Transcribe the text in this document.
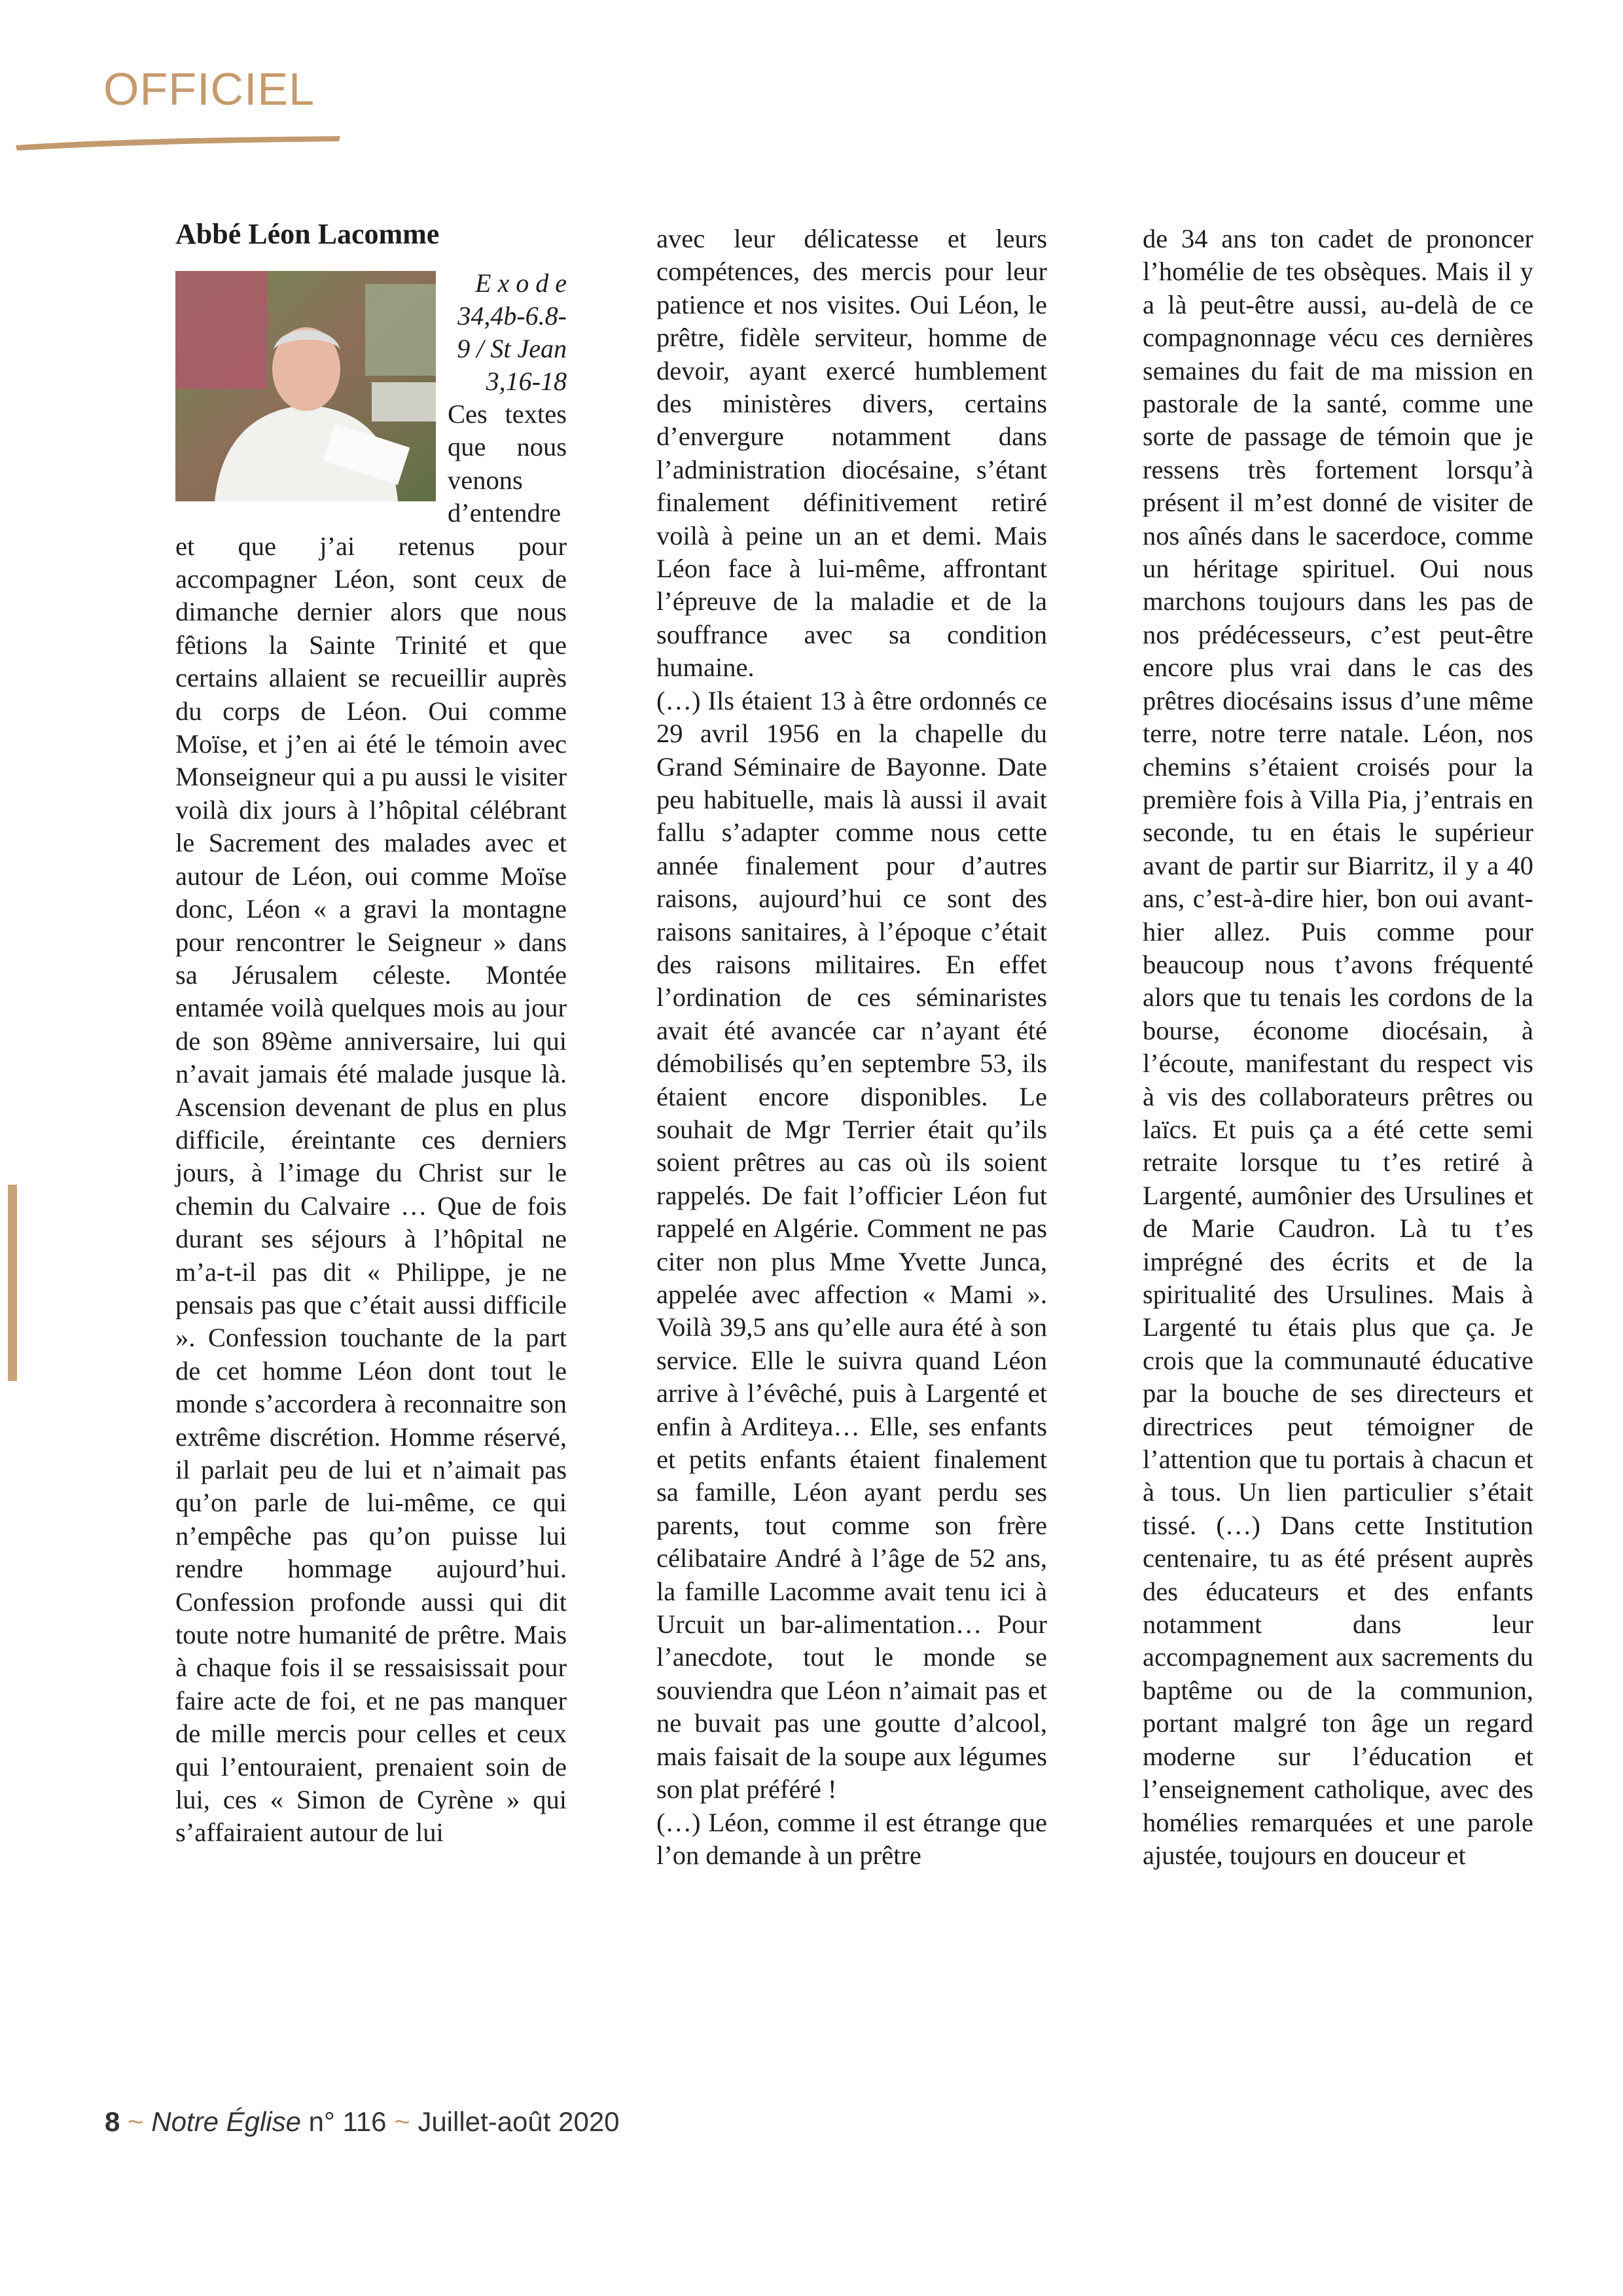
OFFICIEL
Abbé Léon Lacomme

E x o d e 34,4b-6.8-9 / St Jean 3,16-18

Ces textes que nous venons d’entendre et que j’ai retenus pour accompagner Léon, sont ceux de dimanche dernier alors que nous fêtions la Sainte Trinité et que certains allaient se recueillir auprès du corps de Léon. Oui comme Moïse, et j’en ai été le témoin avec Monseigneur qui a pu aussi le visiter voilà dix jours à l’hôpital célébrant le Sacrement des malades avec et autour de Léon, oui comme Moïse donc, Léon « a gravi la montagne pour rencontrer le Seigneur » dans sa Jérusalem céleste. Montée entamée voilà quelques mois au jour de son 89ème anniversaire, lui qui n’avait jamais été malade jusque là. Ascension devenant de plus en plus difficile, éreintante ces derniers jours, à l’image du Christ sur le chemin du Calvaire … Que de fois durant ses séjours à l’hôpital ne m’a-t-il pas dit « Philippe, je ne pensais pas que c’était aussi difficile ». Confession touchante de la part de cet homme Léon dont tout le monde s’accordera à reconnaitre son extrême discrétion. Homme réservé, il parlait peu de lui et n’aimait pas qu’on parle de lui-même, ce qui n’empêche pas qu’on puisse lui rendre hommage aujourd’hui. Confession profonde aussi qui dit toute notre humanité de prêtre. Mais à chaque fois il se ressaisissait pour faire acte de foi, et ne pas manquer de mille mercis pour celles et ceux qui l’entouraient, prenaient soin de lui, ces « Simon de Cyrène » qui s’affairaient autour de lui

avec leur délicatesse et leurs compétences, des mercis pour leur patience et nos visites. Oui Léon, le prêtre, fidèle serviteur, homme de devoir, ayant exercé humblement des ministères divers, certains d’envergure notamment dans l’administration diocésaine, s’étant finalement définitivement retiré voilà à peine un an et demi. Mais Léon face à lui-même, affrontant l’épreuve de la maladie et de la souffrance avec sa condition humaine.

(…) Ils étaient 13 à être ordonnés ce 29 avril 1956 en la chapelle du Grand Séminaire de Bayonne. Date peu habituelle, mais là aussi il avait fallu s’adapter comme nous cette année finalement pour d’autres raisons, aujourd’hui ce sont des raisons sanitaires, à l’époque c’était des raisons militaires. En effet l’ordination de ces séminaristes avait été avancée car n’ayant été démobilisés qu’en septembre 53, ils étaient encore disponibles. Le souhait de Mgr Terrier était qu’ils soient prêtres au cas où ils soient rappelés. De fait l’officier Léon fut rappelé en Algérie. Comment ne pas citer non plus Mme Yvette Junca, appelée avec affection « Mami ». Voilà 39,5 ans qu’elle aura été à son service. Elle le suivra quand Léon arrive à l’évêché, puis à Largenté et enfin à Arditeya… Elle, ses enfants et petits enfants étaient finalement sa famille, Léon ayant perdu ses parents, tout comme son frère célibataire André à l’âge de 52 ans, la famille Lacomme avait tenu ici à Urcuit un bar-alimentation… Pour l’anecdote, tout le monde se souviendra que Léon n’aimait pas et ne buvait pas une goutte d’alcool, mais faisait de la soupe aux légumes son plat préféré !

(…) Léon, comme il est étrange que l’on demande à un prêtre

de 34 ans ton cadet de prononcer l’homélie de tes obsèques. Mais il y a là peut-être aussi, au-delà de ce compagnonnage vécu ces dernières semaines du fait de ma mission en pastorale de la santé, comme une sorte de passage de témoin que je ressens très fortement lorsqu’à présent il m’est donné de visiter de nos aînés dans le sacerdoce, comme un héritage spirituel. Oui nous marchons toujours dans les pas de nos prédécesseurs, c’est peut-être encore plus vrai dans le cas des prêtres diocésains issus d’une même terre, notre terre natale. Léon, nos chemins s’étaient croisés pour la première fois à Villa Pia, j’entrais en seconde, tu en étais le supérieur avant de partir sur Biarritz, il y a 40 ans, c’est-à-dire hier, bon oui avant-hier allez. Puis comme pour beaucoup nous t’avons fréquenté alors que tu tenais les cordons de la bourse, économe diocésain, à l’écoute, manifestant du respect vis à vis des collaborateurs prêtres ou laïcs. Et puis ça a été cette semi retraite lorsque tu t’es retiré à Largenté, aumônier des Ursulines et de Marie Caudron. Là tu t’es imprégné des écrits et de la spiritualité des Ursulines. Mais à Largenté tu étais plus que ça. Je crois que la communauté éducative par la bouche de ses directeurs et directrices peut témoigner de l’attention que tu portais à chacun et à tous. Un lien particulier s’était tissé. (…) Dans cette Institution centenaire, tu as été présent auprès des éducateurs et des enfants notamment dans leur accompagnement aux sacrements du baptême ou de la communion, portant malgré ton âge un regard moderne sur l’éducation et l’enseignement catholique, avec des homélies remarquées et une parole ajustée, toujours en douceur et

8 ~ Notre Église n° 116 ~ Juillet-août 2020
